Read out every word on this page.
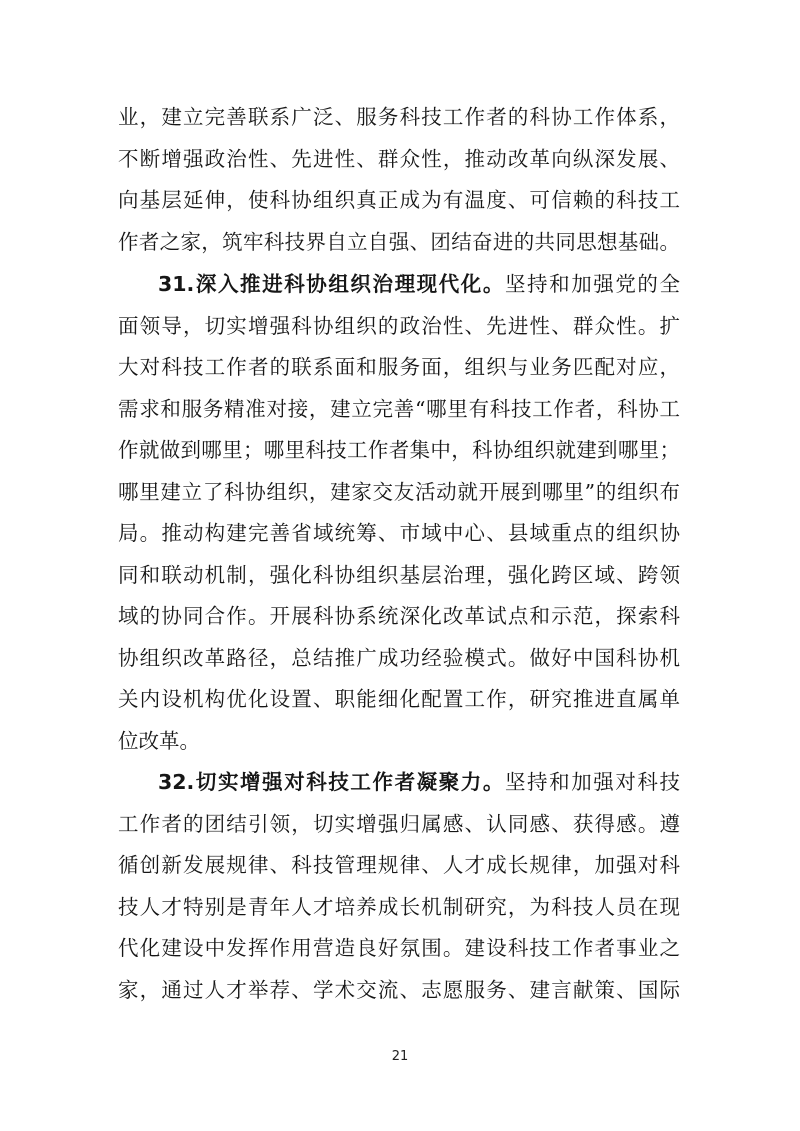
业，建立完善联系广泛、服务科技工作者的科协工作体系，
不断增强政治性、先进性、群众性，推动改革向纵深发展、
向基层延伸，使科协组织真正成为有温度、可信赖的科技工
作者之家，筑牢科技界自立自强、团结奋进的共同思想基础。
31.深入推进科协组织治理现代化。坚持和加强党的全
面领导，切实增强科协组织的政治性、先进性、群众性。扩
大对科技工作者的联系面和服务面，组织与业务匹配对应，
需求和服务精准对接，建立完善“哪里有科技工作者，科协工
作就做到哪里；哪里科技工作者集中，科协组织就建到哪里；
哪里建立了科协组织，建家交友活动就开展到哪里”的组织布
局。推动构建完善省域统筹、市域中心、县域重点的组织协
同和联动机制，强化科协组织基层治理，强化跨区域、跨领
域的协同合作。开展科协系统深化改革试点和示范，探索科
协组织改革路径，总结推广成功经验模式。做好中国科协机
关内设机构优化设置、职能细化配置工作，研究推进直属单
位改革。
32.切实增强对科技工作者凝聚力。坚持和加强对科技
工作者的团结引领，切实增强归属感、认同感、获得感。遵
循创新发展规律、科技管理规律、人才成长规律，加强对科
技人才特别是青年人才培养成长机制研究，为科技人员在现
代化建设中发挥作用营造良好氛围。建设科技工作者事业之
家，通过人才举荐、学术交流、志愿服务、建言献策、国际
21
